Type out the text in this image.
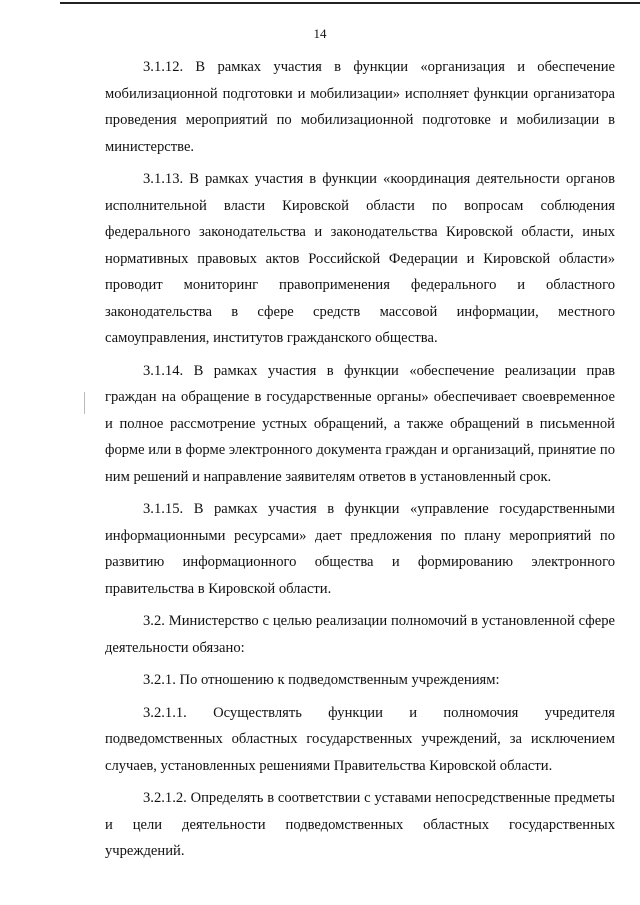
14

3.1.12. В рамках участия в функции «организация и обеспечение мобилизационной подготовки и мобилизации» исполняет функции организатора проведения мероприятий по мобилизационной подготовке и мобилизации в министерстве.

3.1.13. В рамках участия в функции «координация деятельности органов исполнительной власти Кировской области по вопросам соблюдения федерального законодательства и законодательства Кировской области, иных нормативных правовых актов Российской Федерации и Кировской области» проводит мониторинг правоприменения федерального и областного законодательства в сфере средств массовой информации, местного самоуправления, институтов гражданского общества.

3.1.14. В рамках участия в функции «обеспечение реализации прав граждан на обращение в государственные органы» обеспечивает своевременное и полное рассмотрение устных обращений, а также обращений в письменной форме или в форме электронного документа граждан и организаций, принятие по ним решений и направление заявителям ответов в установленный срок.

3.1.15. В рамках участия в функции «управление государственными информационными ресурсами» дает предложения по плану мероприятий по развитию информационного общества и формированию электронного правительства в Кировской области.

3.2. Министерство с целью реализации полномочий в установленной сфере деятельности обязано:

3.2.1. По отношению к подведомственным учреждениям:

3.2.1.1. Осуществлять функции и полномочия учредителя подведомственных областных государственных учреждений, за исключением случаев, установленных решениями Правительства Кировской области.

3.2.1.2. Определять в соответствии с уставами непосредственные предметы и цели деятельности подведомственных областных государственных учреждений.
